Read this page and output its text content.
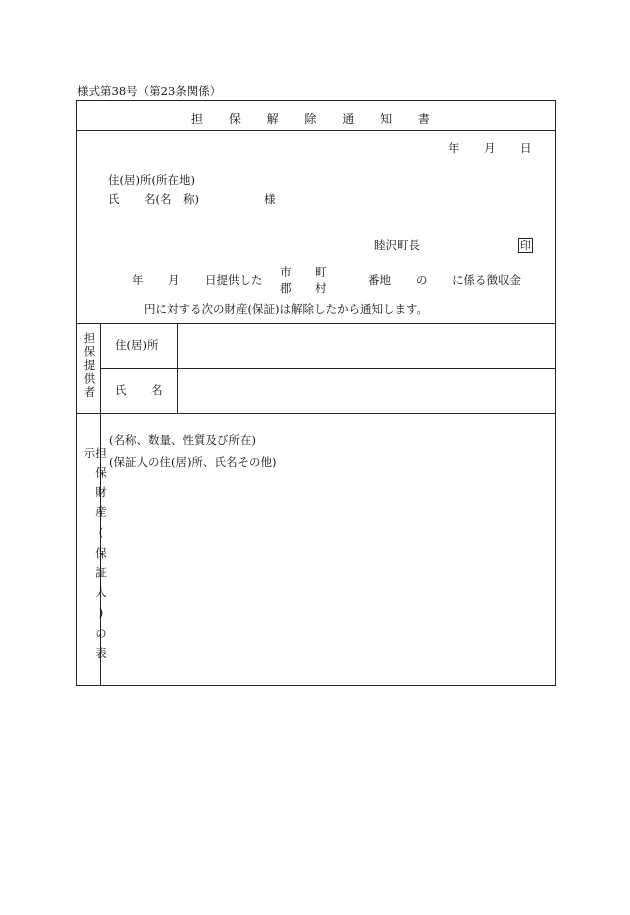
様式第38号（第23条関係）
担 保 解 除 通 知 書
年 月 日
住(居)所(所在地)
氏 名(名　称)	様
睦沢町長	印
年 月 日提供した
市
郡
町
村
番地 の に係る徴収金
円に対する次の財産(保証)は解除したから通知します。
担保提供者 住(居)所
氏 名
担保財産(保証人)の表示
(名称、数量、性質及び所在)
(保証人の住(居)所、氏名その他)
